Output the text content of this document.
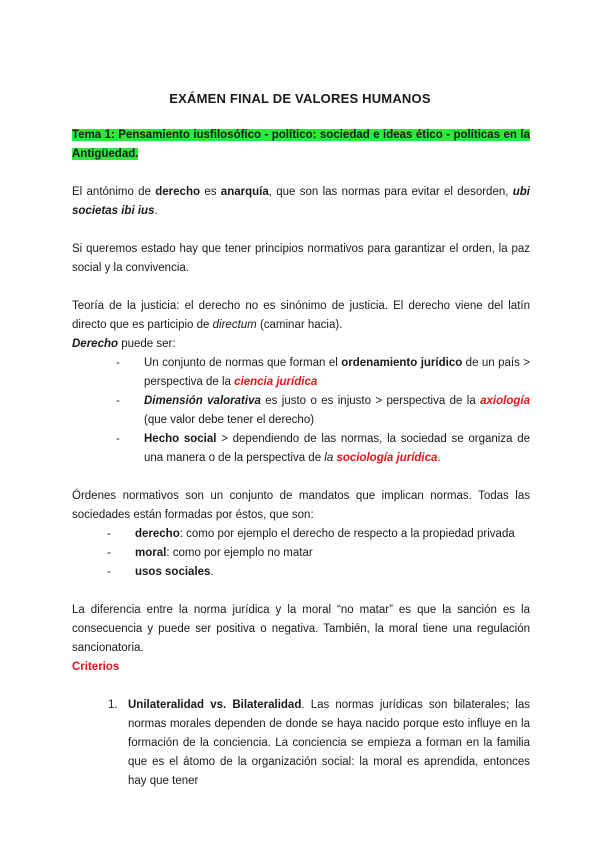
EXÁMEN FINAL DE VALORES HUMANOS
Tema 1: Pensamiento iusfilosófico - político: sociedad e ideas ético - políticas en la Antigüedad.
El antónimo de derecho es anarquía, que son las normas para evitar el desorden, ubi societas ibi ius.
Si queremos estado hay que tener principios normativos para garantizar el orden, la paz social y la convivencia.
Teoría de la justicia: el derecho no es sinónimo de justicia. El derecho viene del latín directo que es participio de directum (caminar hacia).
Derecho puede ser:
- Un conjunto de normas que forman el ordenamiento jurídico de un país > perspectiva de la ciencia jurídica
- Dimensión valorativa es justo o es injusto > perspectiva de la axiología (que valor debe tener el derecho)
- Hecho social > dependiendo de las normas, la sociedad se organiza de una manera o de la perspectiva de la sociología jurídica.
Órdenes normativos son un conjunto de mandatos que implican normas. Todas las sociedades están formadas por éstos, que son:
- derecho: como por ejemplo el derecho de respecto a la propiedad privada
- moral: como por ejemplo no matar
- usos sociales.
La diferencia entre la norma jurídica y la moral “no matar” es que la sanción es la consecuencia y puede ser positiva o negativa. También, la moral tiene una regulación sancionatoria.
Criterios
1. Unilateralidad vs. Bilateralidad. Las normas jurídicas son bilaterales; las normas morales dependen de donde se haya nacido porque esto influye en la formación de la conciencia. La conciencia se empieza a forman en la familia que es el átomo de la organización social: la moral es aprendida, entonces hay que tener
